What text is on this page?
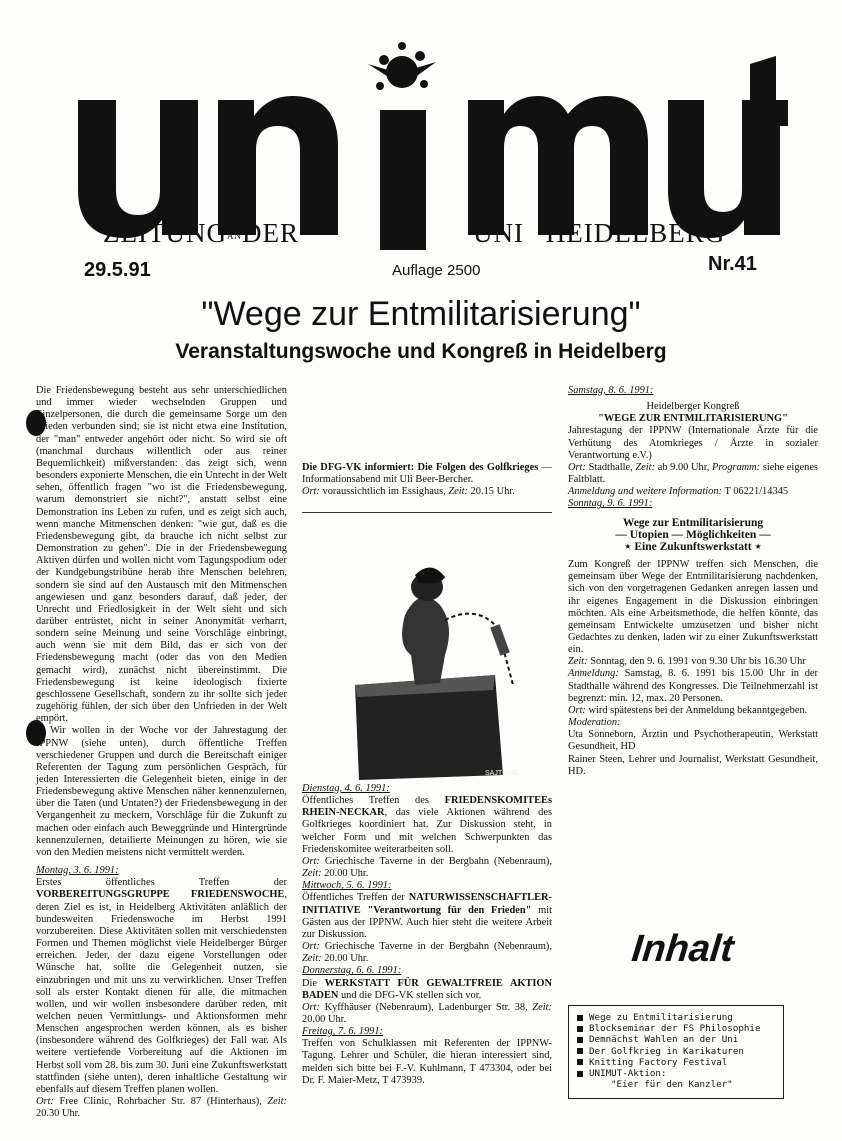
ZEITUNGANDER	UNI HEIDELBERG
29.5.91	Auflage 2500	Nr.41
"Wege zur Entmilitarisierung"
Veranstaltungswoche und Kongreß in Heidelberg

Die Friedensbewegung besteht aus sehr unterschiedlichen und immer wieder wechselnden Gruppen und Einzelpersonen, die durch die gemeinsame Sorge um den Frieden verbunden sind; sie ist nicht etwa eine Institution, der "man" entweder angehört oder nicht. So wird sie oft (manchmal durchaus willentlich oder aus reiner Bequemlichkeit) mißverstanden: das zeigt sich, wenn besonders exponierte Menschen, die ein Unrecht in der Welt sehen, öffentlich fragen "wo ist die Friedensbewegung, warum demonstriert sie nicht?", anstatt selbst eine Demonstration ins Leben zu rufen, und es zeigt sich auch, wenn manche Mitmenschen denken: "wie gut, daß es die Friedensbewegung gibt, da brauche ich nicht selbst zur Demonstration zu gehen". Die in der Friedensbewegung Aktiven dürfen und wollen nicht vom Tagungspodium oder der Kundgebungstribüne herab ihre Menschen belehren, sondern sie sind auf den Austausch mit den Mitmenschen angewiesen und ganz besonders darauf, daß jeder, der Unrecht und Friedlosigkeit in der Welt sieht und sich darüber entrüstet, nicht in seiner Anonymität verharrt, sondern seine Meinung und seine Vorschläge einbringt, auch wenn sie mit dem Bild, das er sich von der Friedensbewegung macht (oder das von den Medien gemacht wird), zunächst nicht übereinstimmt. Die Friedensbewegung ist keine ideologisch fixierte geschlossene Gesellschaft, sondern zu ihr sollte sich jeder zugehörig fühlen, der sich über den Unfrieden in der Welt empört.

Wir wollen in der Woche vor der Jahrestagung der IPPNW (siehe unten), durch öffentliche Treffen verschiedener Gruppen und durch die Bereitschaft einiger Referenten der Tagung zum persönlichen Gespräch, für jeden Interessierten die Gelegenheit bieten, einige in der Friedensbewegung aktive Menschen näher kennenzulernen, über die Taten (und Untaten?) der Friedensbewegung in der Vergangenheit zu meckern, Vorschläge für die Zukunft zu machen oder einfach auch Beweggründe und Hintergründe kennenzulernen, detailierte Meinungen zu hören, wie sie von den Medien meistens nicht vermittelt werden.

Montag, 3. 6. 1991:
Erstes öffentliches Treffen der VORBEREITUNGSGRUPPE FRIEDENSWOCHE, deren Ziel es ist, in Heidelberg Aktivitäten anläßlich der bundesweiten Friedenswoche im Herbst 1991 vorzubereiten. Diese Aktivitäten sollen mit verschiedensten Formen und Themen möglichst viele Heidelberger Bürger erreichen. Jeder, der dazu eigene Vorstellungen oder Wünsche hat, sollte die Gelegenheit nutzen, sie einzubringen und mit uns zu verwirklichen. Unser Treffen soll als erster Kontakt dienen für alle, die mitmachen wollen, und wir wollen insbesondere darüber reden, mit welchen neuen Vermittlungs- und Aktionsformen mehr Menschen angesprochen werden können, als es bisher (insbesondere während des Golfkrieges) der Fall war. Als weitere vertiefende Vorbereitung auf die Aktionen im Herbst soll vom 28. bis zum 30. Juni eine Zukunftswerkstatt stattfinden (siehe unten), deren inhaltliche Gestaltung wir ebenfalls auf diesem Treffen planen wollen.

Ort: Free Clinic, Rohrbacher Str. 87 (Hinterhaus), Zeit: 20.30 Uhr.

Die DFG-VK informiert: Die Folgen des Golfkrieges — Informationsabend mit Uli Beer-Bercher.

Ort: voraussichtlich im Essighaus, Zeit: 20.15 Uhr.

SAJTINAC
Dienstag, 4. 6. 1991:

Öffentliches Treffen des FRIEDENSKOMITEEs RHEIN-NECKAR, das viele Aktionen während des Golfkrieges koordiniert hat. Zur Diskussion steht, in welcher Form und mit welchen Schwerpunkten das Friedenskomitee weiterarbeiten soll.

Ort: Griechische Taverne in der Bergbahn (Nebenraum), Zeit: 20.00 Uhr.

Mittwoch, 5. 6. 1991:

Öffentliches Treffen der NATURWISSENSCHAFTLER-INITIATIVE "Verantwortung für den Frieden" mit Gästen aus der IPPNW. Auch hier steht die weitere Arbeit zur Diskussion.

Ort: Griechische Taverne in der Bergbahn (Nebenraum), Zeit: 20.00 Uhr.

Donnerstag, 6. 6. 1991:

Die WERKSTATT FÜR GEWALTFREIE AKTION BADEN und die DFG-VK stellen sich vor.

Ort: Kyffhäuser (Nebenraum), Ladenburger Str. 38, Zeit: 20.00 Uhr.

Freitag, 7. 6. 1991:

Treffen von Schulklassen mit Referenten der IPPNW-Tagung. Lehrer und Schüler, die hieran interessiert sind, melden sich bitte bei F.-V. Kuhlmann, T 473304, oder bei Dr. F. Maier-Metz, T 473939.

Samstag, 8. 6. 1991:
Heidelberger Kongreß
"WEGE ZUR ENTMILITARISIERUNG"

Jahrestagung der IPPNW (Internationale Ärzte für die Verhütung des Atomkrieges / Ärzte in sozialer Verantwortung e.V.)

Ort: Stadthalle, Zeit: ab 9.00 Uhr, Programm: siehe eigenes Faltblatt.

Anmeldung und weitere Information: T 06221/14345

Sonntag, 9. 6. 1991:
Wege zur Entmilitarisierung
— Utopien — Möglichkeiten —
⋆ Eine Zukunftswerkstatt ⋆

Zum Kongreß der IPPNW treffen sich Menschen, die gemeinsam über Wege der Entmilitarisierung nachdenken, sich von den vorgetragenen Gedanken anregen lassen und ihr eigenes Engagement in die Diskussion einbringen möchten. Als eine Arbeitsmethode, die helfen könnte, das gemeinsam Entwickelte umzusetzen und bisher nicht Gedachtes zu denken, laden wir zu einer Zukunftswerkstatt ein.

Zeit: Sonntag, den 9. 6. 1991 von 9.30 Uhr bis 16.30 Uhr

Anmeldung: Samstag, 8. 6. 1991 bis 15.00 Uhr in der Stadthalle während des Kongresses. Die Teilnehmerzahl ist begrenzt: min. 12, max. 20 Personen.

Ort: wird spätestens bei der Anmeldung bekanntgegeben.

Moderation:

Uta Sonneborn, Ärztin und Psychotherapeutin, Werkstatt Gesundheit, HD

Rainer Steen, Lehrer und Journalist, Werkstatt Gesundheit, HD.

Inhalt
Wege zu Entmilitarisierung
Blockseminar der FS Philosophie
Demnächst Wahlen an der Uni
Der Golfkrieg in Karikaturen
Knitting Factory Festival
UNIMUT-Aktion:
"Eier für den Kanzler"
